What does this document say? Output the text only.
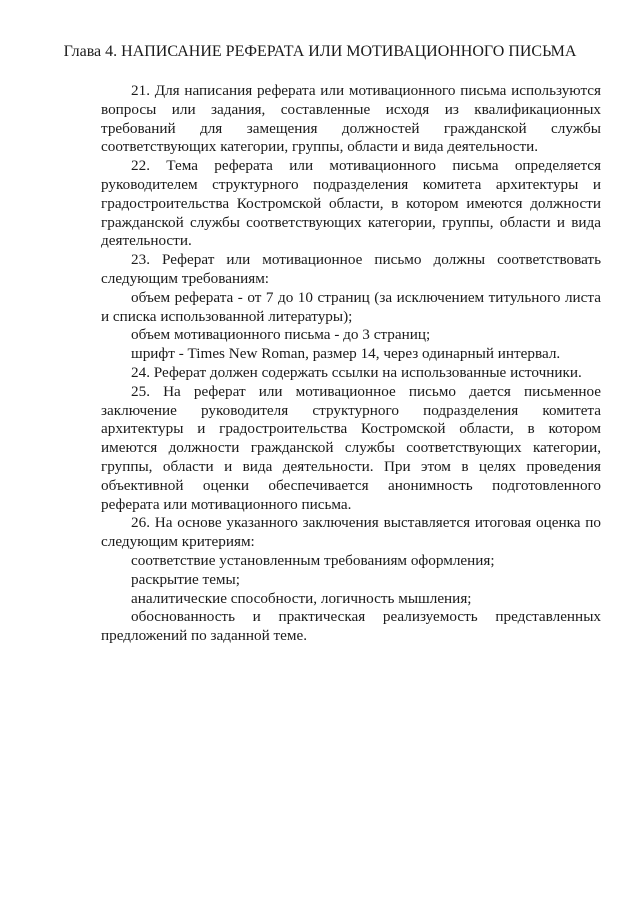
Глава 4. НАПИСАНИЕ РЕФЕРАТА ИЛИ МОТИВАЦИОННОГО ПИСЬМА

21. Для написания реферата или мотивационного письма используются вопросы или задания, составленные исходя из квалификационных требований для замещения должностей гражданской службы соответствующих категории, группы, области и вида деятельности.

22. Тема реферата или мотивационного письма определяется руководителем структурного подразделения комитета архитектуры и градостроительства Костромской области, в котором имеются должности гражданской службы соответствующих категории, группы, области и вида деятельности.

23. Реферат или мотивационное письмо должны соответствовать следующим требованиям:

объем реферата - от 7 до 10 страниц (за исключением титульного листа и списка использованной литературы);

объем мотивационного письма - до 3 страниц;

шрифт - Times New Roman, размер 14, через одинарный интервал.

24. Реферат должен содержать ссылки на использованные источники.

25. На реферат или мотивационное письмо дается письменное заключение руководителя структурного подразделения комитета архитектуры и градостроительства Костромской области, в котором имеются должности гражданской службы соответствующих категории, группы, области и вида деятельности. При этом в целях проведения объективной оценки обеспечивается анонимность подготовленного реферата или мотивационного письма.

26. На основе указанного заключения выставляется итоговая оценка по следующим критериям:

соответствие установленным требованиям оформления;

раскрытие темы;

аналитические способности, логичность мышления;

обоснованность и практическая реализуемость представленных предложений по заданной теме.
